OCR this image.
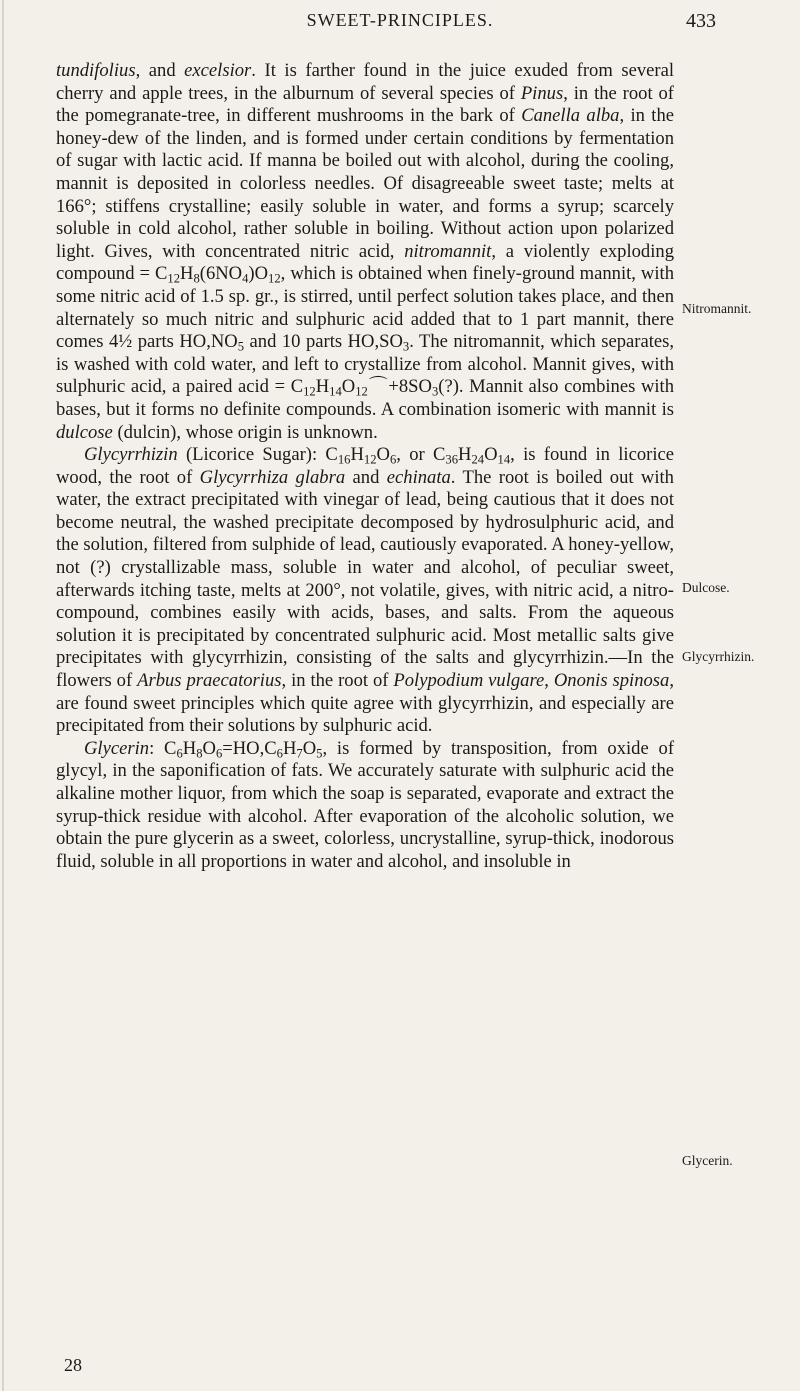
SWEET-PRINCIPLES.	433

tundifolius, and excelsior. It is farther found in the juice exuded from several cherry and apple trees, in the alburnum of several species of Pinus, in the root of the pomegranate-tree, in different mushrooms in the bark of Canella alba, in the honey-dew of the linden, and is formed under certain conditions by fermentation of sugar with lactic acid. If manna be boiled out with alcohol, during the cooling, mannit is deposited in colorless needles. Of disagreeable sweet taste; melts at 166°; stiffens crystalline; easily soluble in water, and forms a syrup; scarcely soluble in cold alcohol, rather soluble in boiling. Without action upon polarized light. Gives, with concentrated nitric acid, nitromannit, a violently exploding compound = $C_{12}H_8(6NO_4)O_{12}$, which is obtained when finely-ground mannit, with some nitric acid of 1.5 sp. gr., is stirred, until perfect solution takes place, and then alternately so much nitric and sulphuric acid added that to 1 part mannit, there comes 4½ parts $HO,NO_5$ and 10 parts $HO,SO_3$. The nitromannit, which separates, is washed with cold water, and left to crystallize from alcohol. Mannit gives, with sulphuric acid, a paired acid = $C_{12}H_{14}O_{12}⌒+8SO_3(?)$. Mannit also combines with bases, but it forms no definite compounds. A combination isomeric with mannit is dulcose (dulcin), whose origin is unknown.

Glycyrrhizin (Licorice Sugar): $C_{16}H_{12}O_6$, or $C_{36}H_{24}O_{14}$, is found in licorice wood, the root of Glycyrrhiza glabra and echinata. The root is boiled out with water, the extract precipitated with vinegar of lead, being cautious that it does not become neutral, the washed precipitate decomposed by hydrosulphuric acid, and the solution, filtered from sulphide of lead, cautiously evaporated. A honey-yellow, not (?) crystallizable mass, soluble in water and alcohol, of peculiar sweet, afterwards itching taste, melts at 200°, not volatile, gives, with nitric acid, a nitro-compound, combines easily with acids, bases, and salts. From the aqueous solution it is precipitated by concentrated sulphuric acid. Most metallic salts give precipitates with glycyrrhizin, consisting of the salts and glycyrrhizin.—In the flowers of Arbus praecatorius, in the root of Polypodium vulgare, Ononis spinosa, are found sweet principles which quite agree with glycyrrhizin, and especially are precipitated from their solutions by sulphuric acid.

Glycerin: $C_6H_8O_6=HO,C_6H_7O_5$, is formed by transposition, from oxide of glycyl, in the saponification of fats. We accurately saturate with sulphuric acid the alkaline mother liquor, from which the soap is separated, evaporate and extract the syrup-thick residue with alcohol. After evaporation of the alcoholic solution, we obtain the pure glycerin as a sweet, colorless, uncrystalline, syrup-thick, inodorous fluid, soluble in all proportions in water and alcohol, and insoluble in

Nitromannit.
Dulcose.
Glycyrrhizin.
Glycerin.
28
